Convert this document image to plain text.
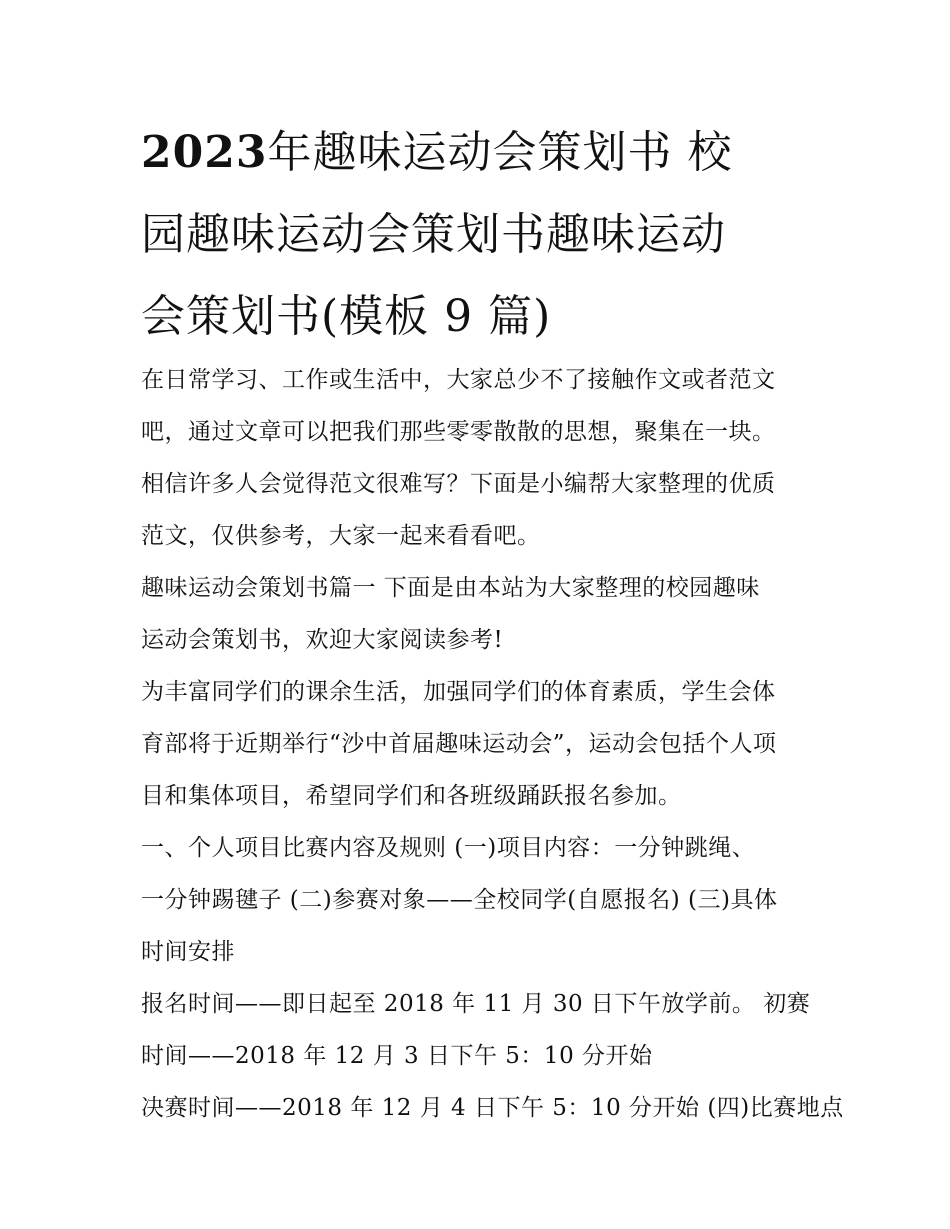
2023年趣味运动会策划书 校
园趣味运动会策划书趣味运动
会策划书(模板 9 篇)

在日常学习、工作或生活中，大家总少不了接触作文或者范文
吧，通过文章可以把我们那些零零散散的思想，聚集在一块。
相信许多人会觉得范文很难写？下面是小编帮大家整理的优质
范文，仅供参考，大家一起来看看吧。

趣味运动会策划书篇一 下面是由本站为大家整理的校园趣味
运动会策划书，欢迎大家阅读参考!

为丰富同学们的课余生活，加强同学们的体育素质，学生会体
育部将于近期举行“沙中首届趣味运动会”，运动会包括个人项
目和集体项目，希望同学们和各班级踊跃报名参加。

一、个人项目比赛内容及规则 (一)项目内容：一分钟跳绳、
一分钟踢毽子 (二)参赛对象——全校同学(自愿报名) (三)具体
时间安排

报名时间——即日起至 2018 年 11 月 30 日下午放学前。 初赛
时间——2018 年 12 月 3 日下午 5：10 分开始

决赛时间——2018 年 12 月 4 日下午 5：10 分开始 (四)比赛地点
